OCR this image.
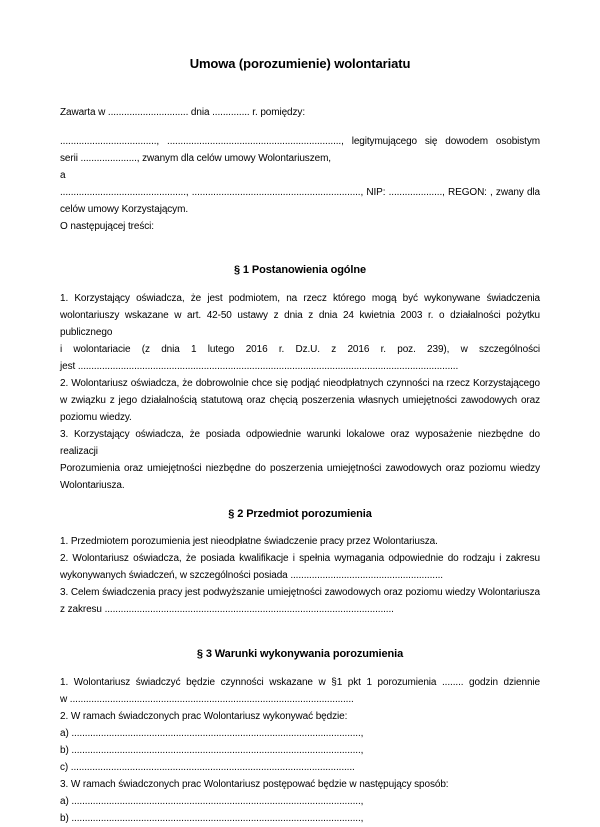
Umowa (porozumienie) wolontariatu
Zawarta w .............................. dnia .............. r. pomiędzy:
...................................., ................................................................., legitymującego się dowodem osobistym
serii ....................., zwanym dla celów umowy Wolontariuszem,
a
..............................................., ..............................................................., NIP: ...................., REGON: , zwany dla
celów umowy Korzystającym.
O następującej treści:
§ 1 Postanowienia ogólne
1. Korzystający oświadcza, że jest podmiotem, na rzecz którego mogą być wykonywane świadczenia
wolontariuszy wskazane w art. 42-50 ustawy z dnia z dnia 24 kwietnia 2003 r. o działalności pożytku publicznego
i wolontariacie (z dnia 1 lutego 2016 r. Dz.U. z 2016 r. poz. 239), w szczególności
jest ..............................................................................................................................................
2. Wolontariusz oświadcza, że dobrowolnie chce się podjąć nieodpłatnych czynności na rzecz Korzystającego
w związku z jego działalnością statutową oraz chęcią poszerzenia własnych umiejętności zawodowych oraz
poziomu wiedzy.
3. Korzystający oświadcza, że posiada odpowiednie warunki lokalowe oraz wyposażenie niezbędne do realizacji
Porozumienia oraz umiejętności niezbędne do poszerzenia umiejętności zawodowych oraz poziomu wiedzy
Wolontariusza.
§ 2 Przedmiot porozumienia
1. Przedmiotem porozumienia jest nieodpłatne świadczenie pracy przez Wolontariusza.
2. Wolontariusz oświadcza, że posiada kwalifikacje i spełnia wymagania odpowiednie do rodzaju i zakresu
wykonywanych świadczeń, w szczególności posiada .........................................................
3. Celem świadczenia pracy jest podwyższanie umiejętności zawodowych oraz poziomu wiedzy Wolontariusza
z zakresu ............................................................................................................
§ 3 Warunki wykonywania porozumienia
1. Wolontariusz świadczyć będzie czynności wskazane w §1 pkt 1 porozumienia ........ godzin dziennie
w ..........................................................................................................
2. W ramach świadczonych prac Wolontariusz wykonywać będzie:
a) ............................................................................................................,
b) ............................................................................................................,
c) ..........................................................................................................
3. W ramach świadczonych prac Wolontariusz postępować będzie w następujący sposób:
a) ............................................................................................................,
b) ............................................................................................................,
